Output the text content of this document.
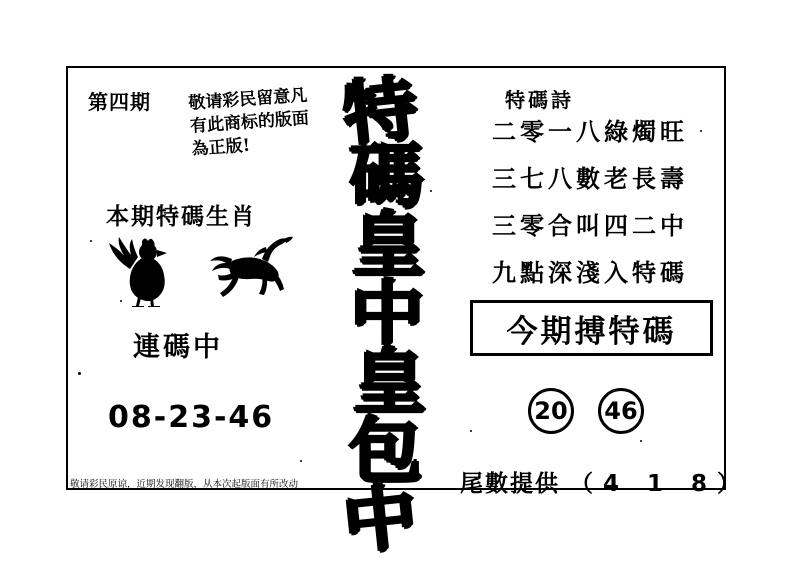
第四期 敬请彩民留意凡有此商标的版面為正版!
本期特碼生肖
連碼中
08-23-46
敬请彩民原谅，近期发现翻版，从本次起版面有所改动
特
碼
皇
中
皇
包
中
特碼詩
二零一八綠燭旺
三七八數老長壽
三零合叫四二中
九點深淺入特碼
今期搏特碼
20 46
尾數提供 （4 1 8）
